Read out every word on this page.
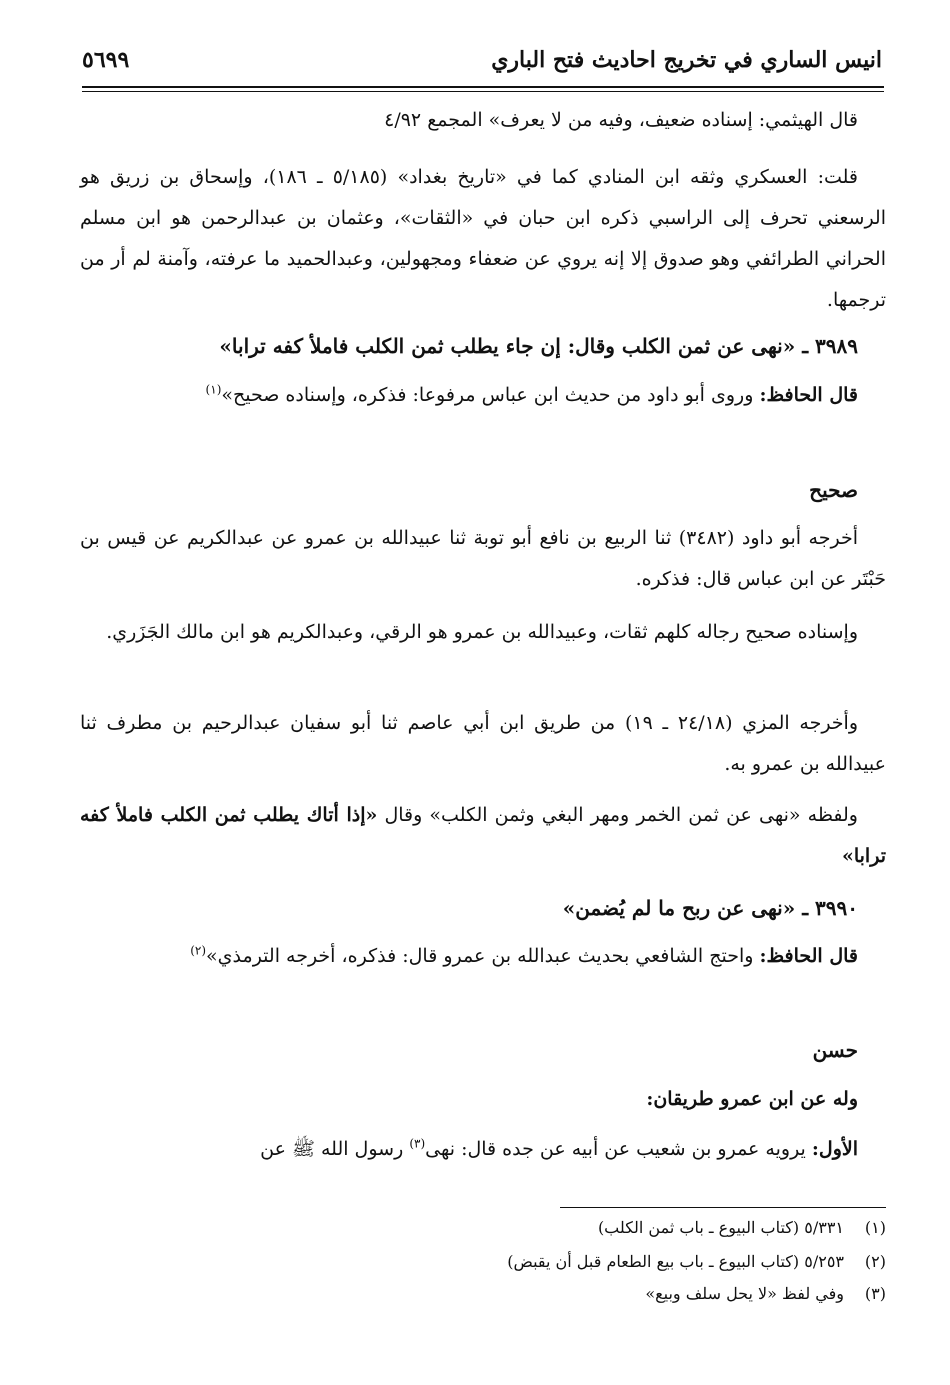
انيس الساري في تخريج احاديث فتح الباري
٥٦٩٩
قال الهيثمي: إسناده ضعيف، وفيه من لا يعرف» المجمع ٤/٩٢
قلت: العسكري وثقه ابن المنادي كما في «تاريخ بغداد» (٥/١٨٥ ـ ١٨٦)، وإسحاق بن زريق هو الرسعني تحرف إلى الراسبي ذكره ابن حبان في «الثقات»، وعثمان بن عبدالرحمن هو ابن مسلم الحراني الطرائفي وهو صدوق إلا إنه يروي عن ضعفاء ومجهولين، وعبدالحميد ما عرفته، وآمنة لم أر من ترجمها.
٣٩٨٩ ـ «نهى عن ثمن الكلب وقال: إن جاء يطلب ثمن الكلب فاملأ كفه ترابا»
قال الحافظ: وروى أبو داود من حديث ابن عباس مرفوعا: فذكره، وإسناده صحيح»$^{(١)}$
صحيح
أخرجه أبو داود (٣٤٨٢) ثنا الربيع بن نافع أبو توبة ثنا عبيدالله بن عمرو عن عبدالكريم عن قيس بن حَبْتَر عن ابن عباس قال: فذكره.
وإسناده صحيح رجاله كلهم ثقات، وعبيدالله بن عمرو هو الرقي، وعبدالكريم هو ابن مالك الجَزَري.
وأخرجه المزي (٢٤/١٨ ـ ١٩) من طريق ابن أبي عاصم ثنا أبو سفيان عبدالرحيم بن مطرف ثنا عبيدالله بن عمرو به.
ولفظه «نهى عن ثمن الخمر ومهر البغي وثمن الكلب» وقال «إذا أتاك يطلب ثمن الكلب فاملأ كفه ترابا»
٣٩٩٠ ـ «نهى عن ربح ما لم يُضمن»
قال الحافظ: واحتج الشافعي بحديث عبدالله بن عمرو قال: فذكره، أخرجه الترمذي»$^{(٢)}$
حسن
وله عن ابن عمرو طريقان:
الأول: يرويه عمرو بن شعيب عن أبيه عن جده قال: نهى$^{(٣)}$ رسول الله ﷺ عن
(١)٥/٣٣١ (كتاب البيوع ـ باب ثمن الكلب)
(٢)٥/٢٥٣ (كتاب البيوع ـ باب بيع الطعام قبل أن يقبض)
(٣)وفي لفظ «لا يحل سلف وبيع»
